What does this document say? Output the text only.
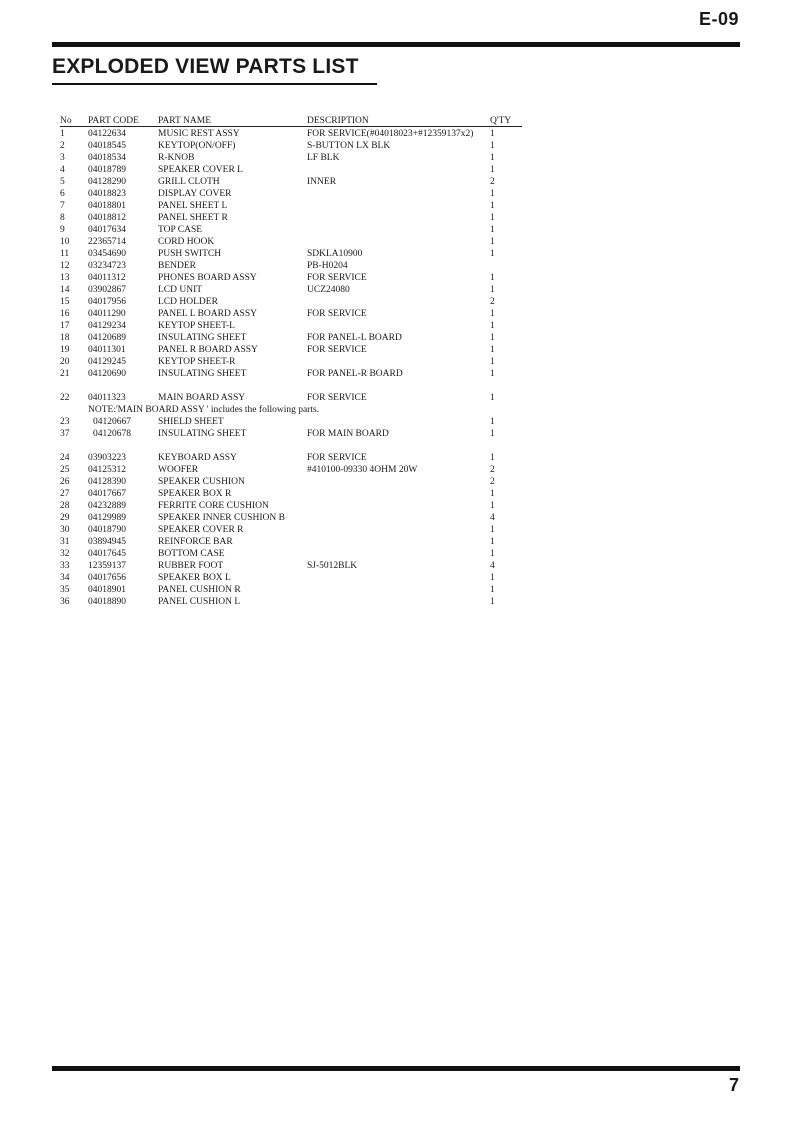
E-09
EXPLODED VIEW PARTS LIST
No PART CODE PART NAME	DESCRIPTION	Q'TY
1 04122634	MUSIC REST ASSY	FOR SERVICE(#04018023+#12359137x2) 1
2 04018545	KEYTOP(ON/OFF)	S-BUTTON LX BLK	1
3 04018534	R-KNOB	LF BLK	1
4 04018789	SPEAKER COVER L	1
5 04128290	GRILL CLOTH	INNER	2
6 04018823	DISPLAY COVER	1
7 04018801	PANEL SHEET L	1
8 04018812	PANEL SHEET R	1
9 04017634	TOP CASE	1
10 22365714	CORD HOOK	1
11 03454690	PUSH SWITCH	SDKLA10900	1
12 03234723	BENDER	PB-H0204
13 04011312	PHONES BOARD ASSY	FOR SERVICE	1
14 03902867	LCD UNIT	UCZ24080	1
15 04017956	LCD HOLDER	2
16 04011290	PANEL L BOARD ASSY	FOR SERVICE	1
17 04129234	KEYTOP SHEET-L	1
18 04120689	INSULATING SHEET	FOR PANEL-L BOARD	1
19 04011301	PANEL R BOARD ASSY	FOR SERVICE	1
20 04129245	KEYTOP SHEET-R	1
21 04120690	INSULATING SHEET	FOR PANEL-R BOARD	1
22 04011323	MAIN BOARD ASSY	FOR SERVICE	1
NOTE:'MAIN BOARD ASSY ' includes the following parts.
23 04120667	SHIELD SHEET	1
37 04120678	INSULATING SHEET	FOR MAIN BOARD	1
24 03903223	KEYBOARD ASSY	FOR SERVICE	1
25 04125312	WOOFER	#410100-09330 4OHM 20W	2
26 04128390	SPEAKER CUSHION	2
27 04017667	SPEAKER BOX R	1
28 04232889	FERRITE CORE CUSHION	1
29 04129989	SPEAKER INNER CUSHION B	4
30 04018790	SPEAKER COVER R	1
31 03894945	REINFORCE BAR	1
32 04017645	BOTTOM CASE	1
33 12359137	RUBBER FOOT	SJ-5012BLK	4
34 04017656	SPEAKER BOX L	1
35 04018901	PANEL CUSHION R	1
36 04018890	PANEL CUSHION L	1
7
